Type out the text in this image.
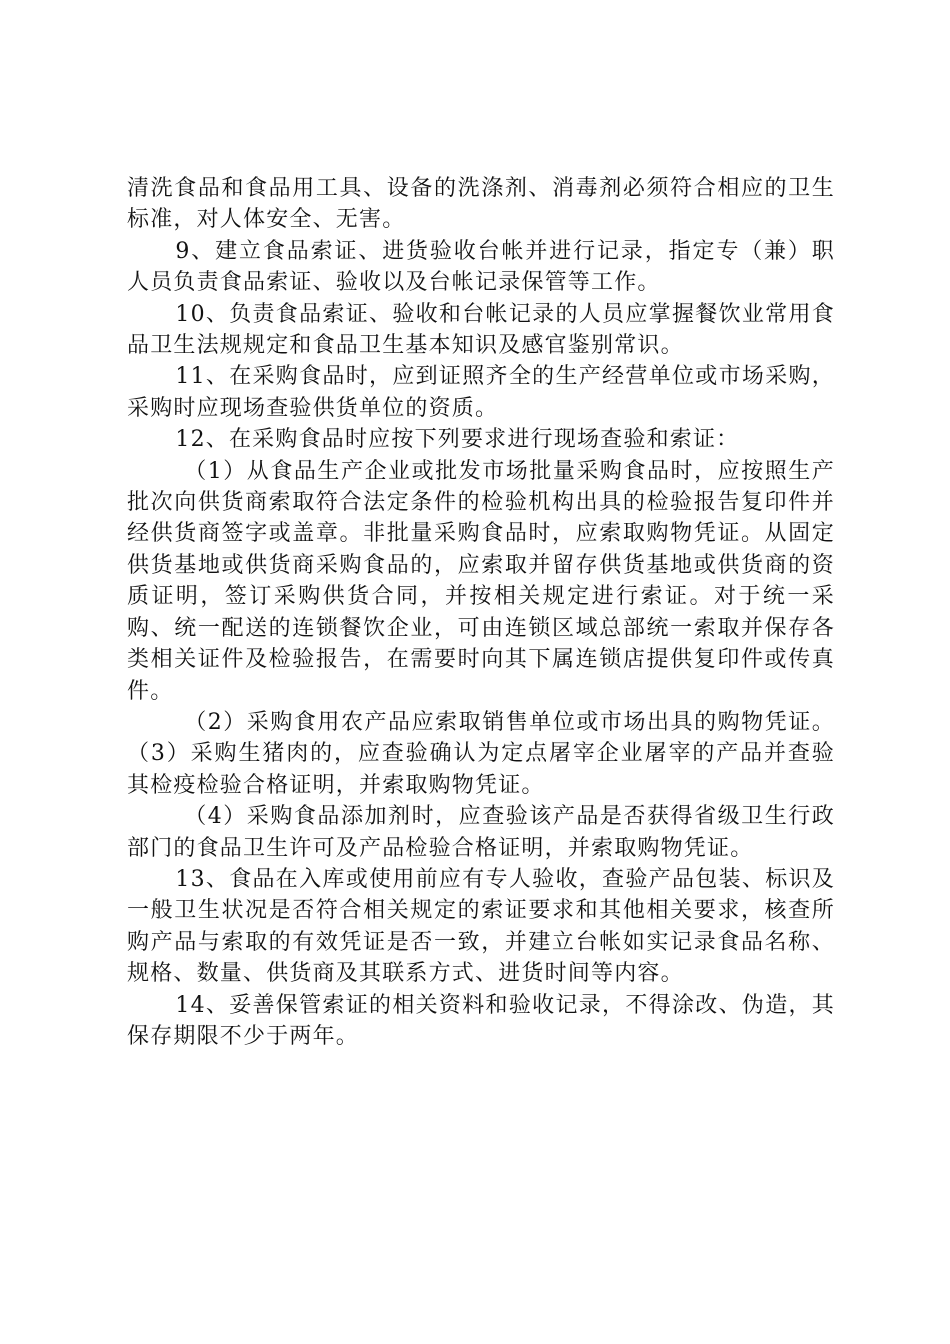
清洗食品和食品用工具、设备的洗涤剂、消毒剂必须符合相应的卫生标准，对人体安全、无害。

9、建立食品索证、进货验收台帐并进行记录，指定专（兼）职人员负责食品索证、验收以及台帐记录保管等工作。

10、负责食品索证、验收和台帐记录的人员应掌握餐饮业常用食品卫生法规规定和食品卫生基本知识及感官鉴别常识。

11、在采购食品时，应到证照齐全的生产经营单位或市场采购，采购时应现场查验供货单位的资质。

12、在采购食品时应按下列要求进行现场查验和索证：

（1）从食品生产企业或批发市场批量采购食品时，应按照生产批次向供货商索取符合法定条件的检验机构出具的检验报告复印件并经供货商签字或盖章。非批量采购食品时，应索取购物凭证。从固定供货基地或供货商采购食品的，应索取并留存供货基地或供货商的资质证明，签订采购供货合同，并按相关规定进行索证。对于统一采购、统一配送的连锁餐饮企业，可由连锁区域总部统一索取并保存各类相关证件及检验报告，在需要时向其下属连锁店提供复印件或传真件。

（2）采购食用农产品应索取销售单位或市场出具的购物凭证。（3）采购生猪肉的，应查验确认为定点屠宰企业屠宰的产品并查验其检疫检验合格证明，并索取购物凭证。

（4）采购食品添加剂时，应查验该产品是否获得省级卫生行政部门的食品卫生许可及产品检验合格证明，并索取购物凭证。

13、食品在入库或使用前应有专人验收，查验产品包装、标识及一般卫生状况是否符合相关规定的索证要求和其他相关要求，核查所购产品与索取的有效凭证是否一致，并建立台帐如实记录食品名称、规格、数量、供货商及其联系方式、进货时间等内容。

14、妥善保管索证的相关资料和验收记录，不得涂改、伪造，其保存期限不少于两年。
